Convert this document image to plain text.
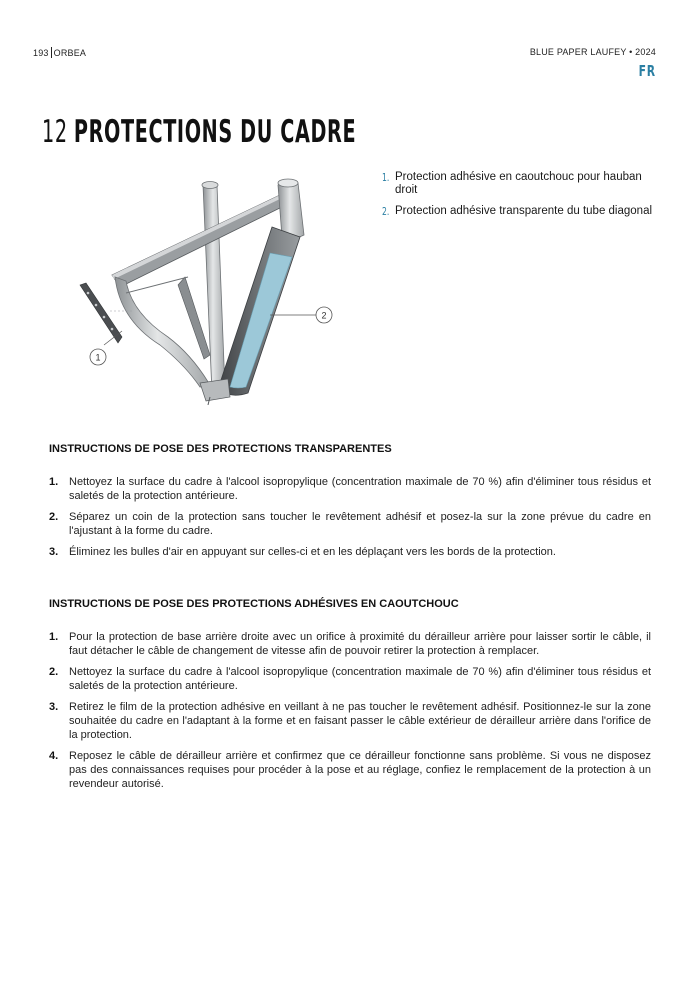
193 ORBEA	BLUE PAPER LAUFEY • 2024
FR
12 PROTECTIONS DU CADRE
1
2
1. Protection adhésive en caoutchouc pour hauban droit
2. Protection adhésive transparente du tube diagonal
INSTRUCTIONS DE POSE DES PROTECTIONS TRANSPARENTES
1. Nettoyez la surface du cadre à l'alcool isopropylique (concentration maximale de 70 %) afin d'éliminer tous résidus et saletés de la protection antérieure.
2. Séparez un coin de la protection sans toucher le revêtement adhésif et posez-la sur la zone prévue du cadre en l'ajustant à la forme du cadre.
3. Éliminez les bulles d'air en appuyant sur celles-ci et en les déplaçant vers les bords de la protection.
INSTRUCTIONS DE POSE DES PROTECTIONS ADHÉSIVES EN CAOUTCHOUC
1. Pour la protection de base arrière droite avec un orifice à proximité du dérailleur arrière pour laisser sortir le câble, il faut détacher le câble de changement de vitesse afin de pouvoir retirer la protection à remplacer.
2. Nettoyez la surface du cadre à l'alcool isopropylique (concentration maximale de 70 %) afin d'éliminer tous résidus et saletés de la protection antérieure.
3. Retirez le film de la protection adhésive en veillant à ne pas toucher le revêtement adhésif. Positionnez-le sur la zone souhaitée du cadre en l'adaptant à la forme et en faisant passer le câble extérieur de dérailleur arrière dans l'orifice de la protection.
4. Reposez le câble de dérailleur arrière et confirmez que ce dérailleur fonctionne sans problème. Si vous ne disposez pas des connaissances requises pour procéder à la pose et au réglage, confiez le remplacement de la protection à un revendeur autorisé.
